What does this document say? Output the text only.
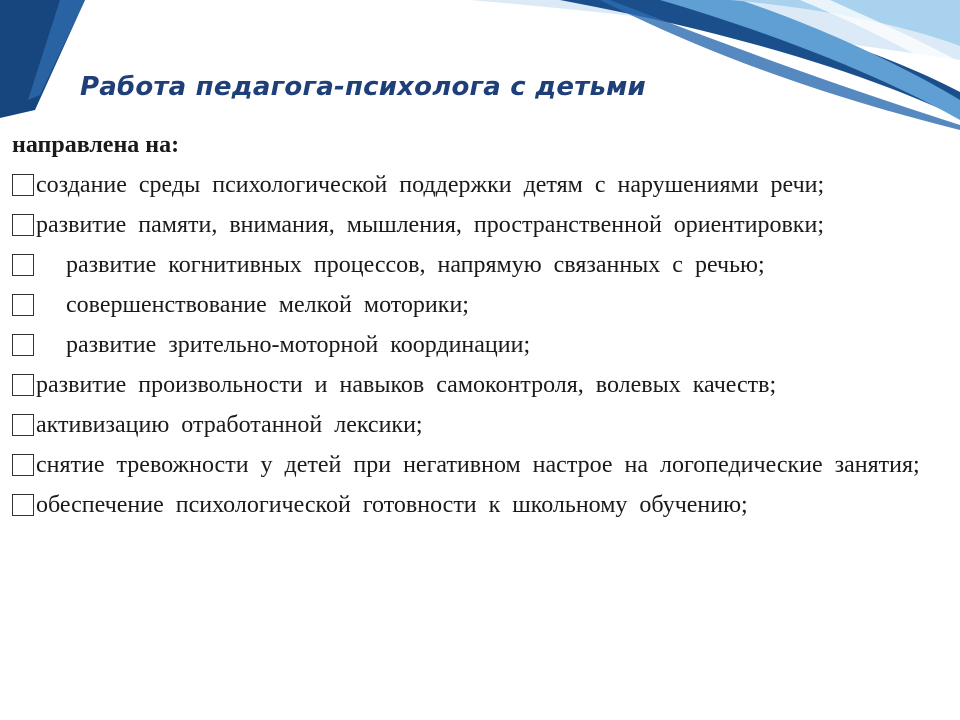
Работа педагога-психолога с детьми
направлена на:
создание среды психологической поддержки детям с нарушениями речи;
развитие памяти, внимания, мышления, пространственной ориентировки;
развитие когнитивных процессов, напрямую связанных с речью;
совершенствование мелкой моторики;
развитие зрительно-моторной координации;
развитие произвольности и навыков самоконтроля, волевых качеств;
активизацию отработанной лексики;
снятие тревожности у детей при негативном настрое на логопедические занятия;
обеспечение психологической готовности к школьному обучению;
